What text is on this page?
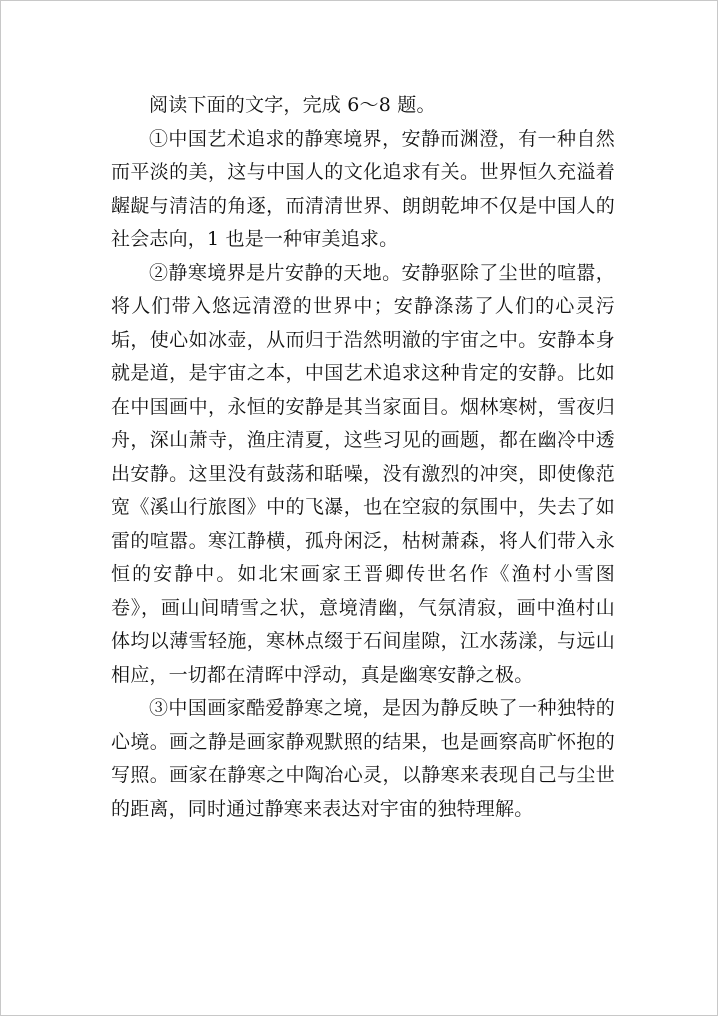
阅读下面的文字，完成 6～8 题。

①中国艺术追求的静寒境界，安静而渊澄，有一种自然而平淡的美，这与中国人的文化追求有关。世界恒久充溢着龌龊与清洁的角逐，而清清世界、朗朗乾坤不仅是中国人的社会志向，1 也是一种审美追求。

②静寒境界是片安静的天地。安静驱除了尘世的喧嚣，将人们带入悠远清澄的世界中；安静涤荡了人们的心灵污垢，使心如冰壶，从而归于浩然明澈的宇宙之中。安静本身就是道，是宇宙之本，中国艺术追求这种肯定的安静。比如在中国画中，永恒的安静是其当家面目。烟林寒树，雪夜归舟，深山萧寺，渔庄清夏，这些习见的画题，都在幽冷中透出安静。这里没有鼓荡和聒噪，没有激烈的冲突，即使像范宽《溪山行旅图》中的飞瀑，也在空寂的氛围中，失去了如雷的喧嚣。寒江静横，孤舟闲泛，枯树萧森，将人们带入永恒的安静中。如北宋画家王晋卿传世名作《渔村小雪图卷》，画山间晴雪之状，意境清幽，气氛清寂，画中渔村山体均以薄雪轻施，寒林点缀于石间崖隙，江水荡漾，与远山相应，一切都在清晖中浮动，真是幽寒安静之极。

③中国画家酷爱静寒之境，是因为静反映了一种独特的心境。画之静是画家静观默照的结果，也是画察高旷怀抱的写照。画家在静寒之中陶冶心灵，以静寒来表现自己与尘世的距离，同时通过静寒来表达对宇宙的独特理解。
